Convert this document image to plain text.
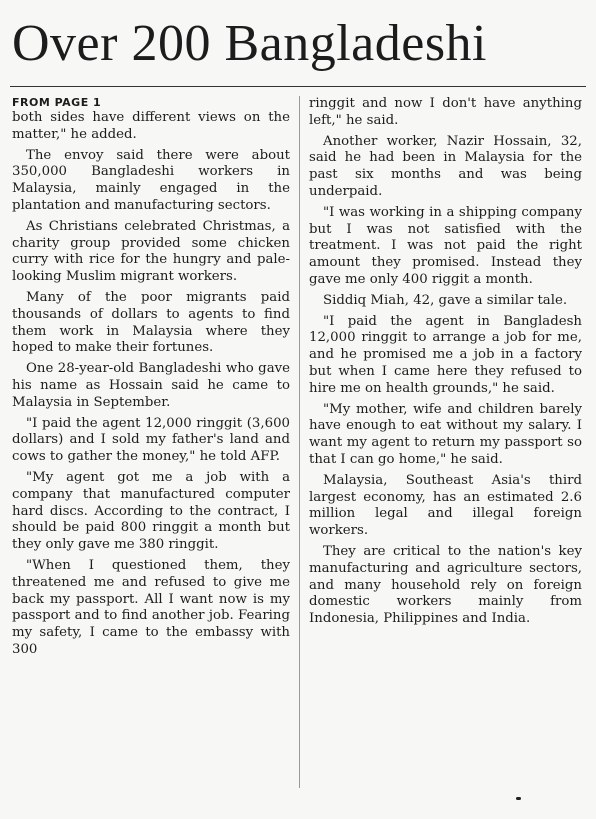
Over 200 Bangladeshi
FROM PAGE 1

both sides have different views on the matter," he added.

The envoy said there were about 350,000 Bangladeshi workers in Malaysia, mainly engaged in the plantation and manufacturing sectors.

As Christians celebrated Christmas, a charity group provided some chicken curry with rice for the hungry and pale-looking Muslim migrant workers.

Many of the poor migrants paid thousands of dollars to agents to find them work in Malaysia where they hoped to make their fortunes.

One 28-year-old Bangladeshi who gave his name as Hossain said he came to Malaysia in September.

"I paid the agent 12,000 ringgit (3,600 dollars) and I sold my father's land and cows to gather the money," he told AFP.

"My agent got me a job with a company that manufactured computer hard discs. According to the contract, I should be paid 800 ringgit a month but they only gave me 380 ringgit.

"When I questioned them, they threatened me and refused to give me back my passport. All I want now is my passport and to find another job. Fearing my safety, I came to the embassy with 300

ringgit and now I don't have anything left," he said.

Another worker, Nazir Hossain, 32, said he had been in Malaysia for the past six months and was being underpaid.

"I was working in a shipping company but I was not satisfied with the treatment. I was not paid the right amount they promised. Instead they gave me only 400 riggit a month.

Siddiq Miah, 42, gave a similar tale.

"I paid the agent in Bangladesh 12,000 ringgit to arrange a job for me, and he promised me a job in a factory but when I came here they refused to hire me on health grounds," he said.

"My mother, wife and children barely have enough to eat without my salary. I want my agent to return my passport so that I can go home," he said.

Malaysia, Southeast Asia's third largest economy, has an estimated 2.6 million legal and illegal foreign workers.

They are critical to the nation's key manufacturing and agriculture sectors, and many household rely on foreign domestic workers mainly from Indonesia, Philippines and India.
